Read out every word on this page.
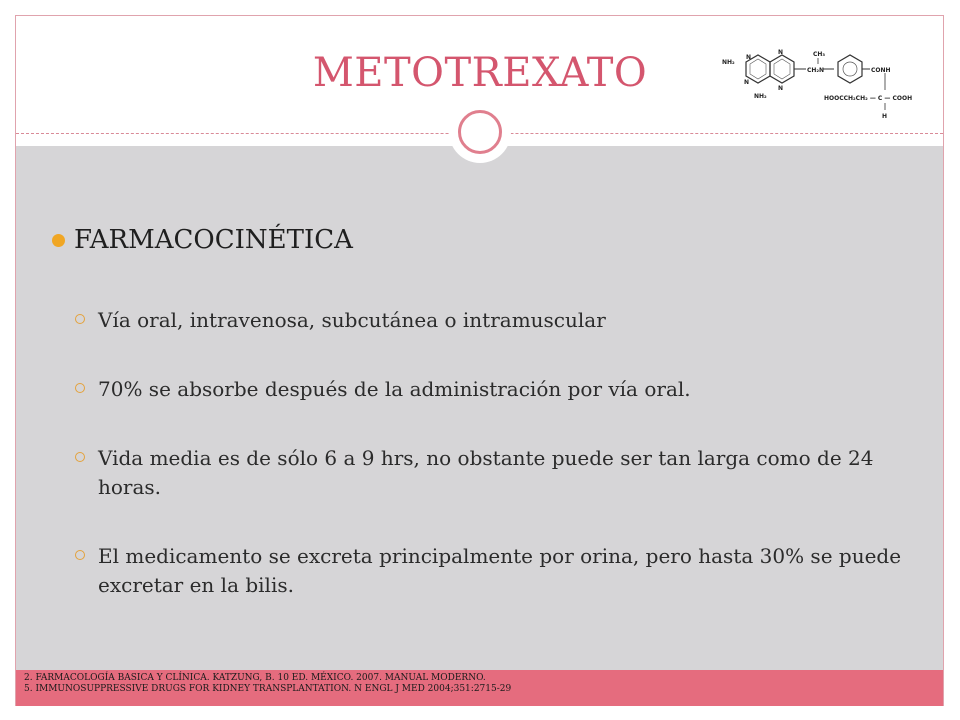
METOTREXATO	NH₂
N
N
N
N
NH₂
CH₃
CH₂N	CONH
HOOCCH₂CH₂ — C — COOH
H
FARMACOCINÉTICA
Vía oral, intravenosa, subcutánea o intramuscular
70% se absorbe después de la administración por vía oral.
Vida media es de sólo 6 a 9 hrs, no obstante puede ser tan larga como de 24 horas.
El medicamento se excreta principalmente por orina, pero hasta 30% se puede excretar en la bilis.
2. FARMACOLOGÍA BASICA Y CLÍNICA. KATZUNG, B. 10 ED. MÉXICO. 2007. MANUAL MODERNO.
5. IMMUNOSUPPRESSIVE DRUGS FOR KIDNEY TRANSPLANTATION. N ENGL J MED 2004;351:2715-29
